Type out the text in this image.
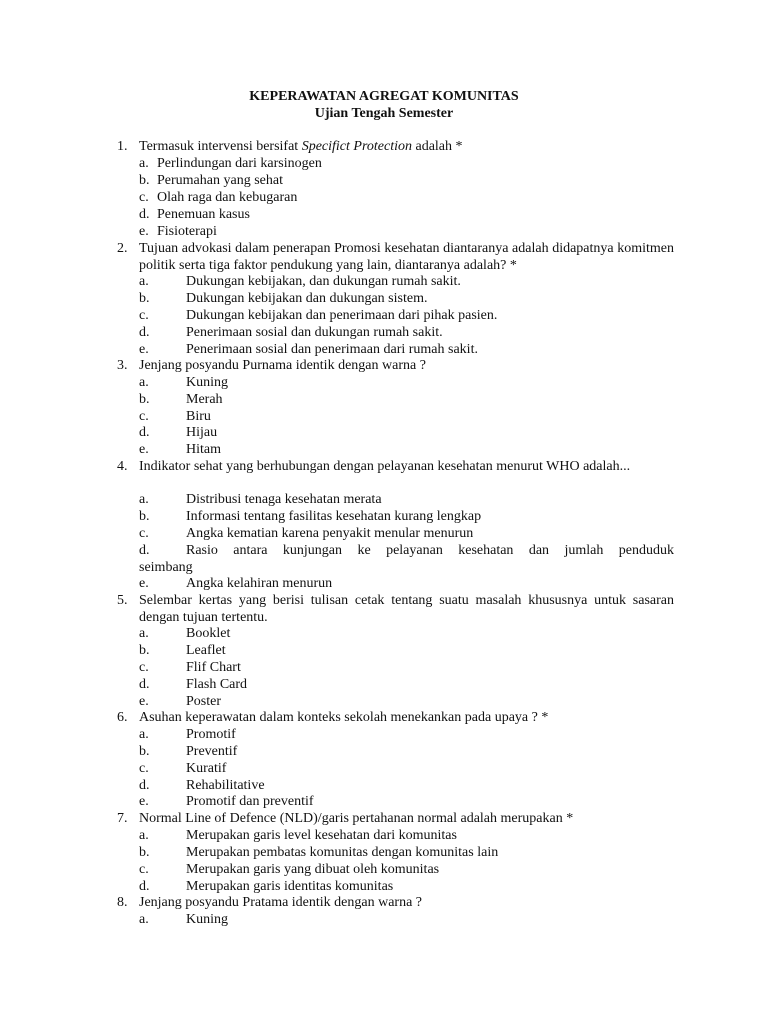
KEPERAWATAN AGREGAT KOMUNITAS
Ujian Tengah Semester
1. Termasuk intervensi bersifat Specifict Protection adalah *
a. Perlindungan dari karsinogen
b. Perumahan yang sehat
c. Olah raga dan kebugaran
d. Penemuan kasus
e. Fisioterapi
2. Tujuan advokasi dalam penerapan Promosi kesehatan diantaranya adalah didapatnya komitmen politik serta tiga faktor pendukung yang lain, diantaranya adalah? *
a.	Dukungan kebijakan, dan dukungan rumah sakit.
b.	Dukungan kebijakan dan dukungan sistem.
c.	Dukungan kebijakan dan penerimaan dari pihak pasien.
d.	Penerimaan sosial dan dukungan rumah sakit.
e.	Penerimaan sosial dan penerimaan dari rumah sakit.
3. Jenjang posyandu Purnama identik dengan warna ?
a.	Kuning
b.	Merah
c.	Biru
d.	Hijau
e.	Hitam
4. Indikator sehat yang berhubungan dengan pelayanan kesehatan menurut WHO adalah...
a.	Distribusi tenaga kesehatan merata
b.	Informasi tentang fasilitas kesehatan kurang lengkap
c.	Angka kematian karena penyakit menular menurun
d.	Rasio antara kunjungan ke pelayanan kesehatan dan jumlah penduduk
seimbang
e.	Angka kelahiran menurun
5. Selembar kertas yang berisi tulisan cetak tentang suatu masalah khususnya untuk sasaran dengan tujuan tertentu.
a.	Booklet
b.	Leaflet
c.	Flif Chart
d.	Flash Card
e.	Poster
6. Asuhan keperawatan dalam konteks sekolah menekankan pada upaya ? *
a.	Promotif
b.	Preventif
c.	Kuratif
d.	Rehabilitative
e.	Promotif dan preventif
7. Normal Line of Defence (NLD)/garis pertahanan normal adalah merupakan *
a.	Merupakan garis level kesehatan dari komunitas
b.	Merupakan pembatas komunitas dengan komunitas lain
c.	Merupakan garis yang dibuat oleh komunitas
d.	Merupakan garis identitas komunitas
8. Jenjang posyandu Pratama identik dengan warna ?
a.	Kuning
